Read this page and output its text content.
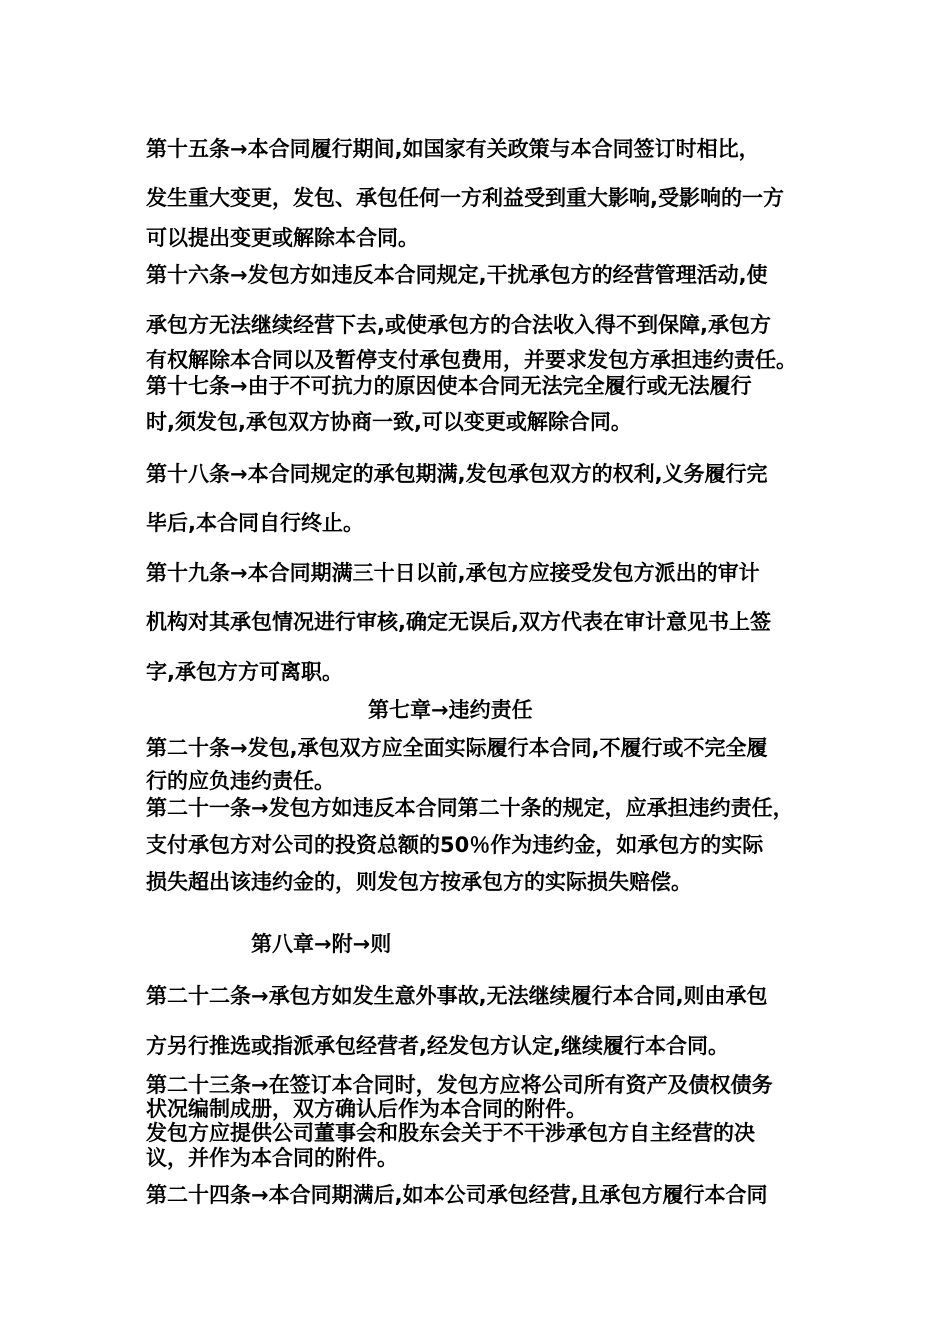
第十五条→本合同履行期间,如国家有关政策与本合同签订时相比，
发生重大变更，发包、承包任何一方利益受到重大影响,受影响的一方
可以提出变更或解除本合同。
第十六条→发包方如违反本合同规定,干扰承包方的经营管理活动,使
承包方无法继续经营下去,或使承包方的合法收入得不到保障,承包方
有权解除本合同以及暂停支付承包费用，并要求发包方承担违约责任。
第十七条→由于不可抗力的原因使本合同无法完全履行或无法履行
时,须发包,承包双方协商一致,可以变更或解除合同。
第十八条→本合同规定的承包期满,发包承包双方的权利,义务履行完
毕后,本合同自行终止。
第十九条→本合同期满三十日以前,承包方应接受发包方派出的审计
机构对其承包情况进行审核,确定无误后,双方代表在审计意见书上签
字,承包方方可离职。
第七章→违约责任
第二十条→发包,承包双方应全面实际履行本合同,不履行或不完全履
行的应负违约责任。
第二十一条→发包方如违反本合同第二十条的规定，应承担违约责任，
支付承包方对公司的投资总额的50％作为违约金，如承包方的实际
损失超出该违约金的，则发包方按承包方的实际损失赔偿。
第八章→附→则
第二十二条→承包方如发生意外事故,无法继续履行本合同,则由承包
方另行推选或指派承包经营者,经发包方认定,继续履行本合同。
第二十三条→在签订本合同时，发包方应将公司所有资产及债权债务
状况编制成册，双方确认后作为本合同的附件。
发包方应提供公司董事会和股东会关于不干涉承包方自主经营的决
议，并作为本合同的附件。
第二十四条→本合同期满后,如本公司承包经营,且承包方履行本合同
